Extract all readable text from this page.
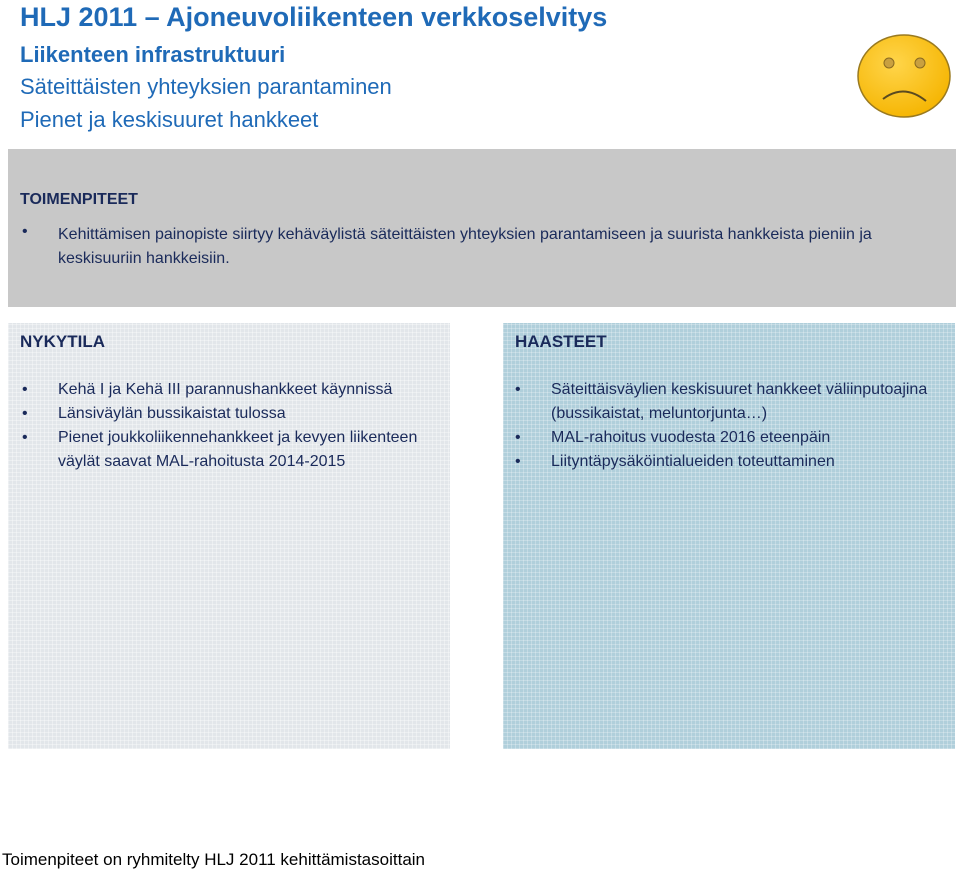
HLJ 2011 – Ajoneuvoliikenteen verkkoselvitys
Liikenteen infrastruktuuri
Säteittäisten yhteyksien parantaminen
Pienet ja keskisuuret hankkeet
TOIMENPITEET
• Kehittämisen painopiste siirtyy kehäväylistä säteittäisten yhteyksien parantamiseen ja suurista hankkeista pieniin ja keskisuuriin hankkeisiin.
NYKYTILA
• Kehä I ja Kehä III parannushankkeet käynnissä
• Länsiväylän bussikaistat tulossa
• Pienet joukkoliikennehankkeet ja kevyen liikenteen väylät saavat MAL-rahoitusta 2014-2015
HAASTEET
• Säteittäisväylien keskisuuret hankkeet väliinputoajina (bussikaistat, meluntorjunta…)
• MAL-rahoitus vuodesta 2016 eteenpäin
• Liityntäpysäköintialueiden toteuttaminen
Toimenpiteet on ryhmitelty HLJ 2011 kehittämistasoittain
